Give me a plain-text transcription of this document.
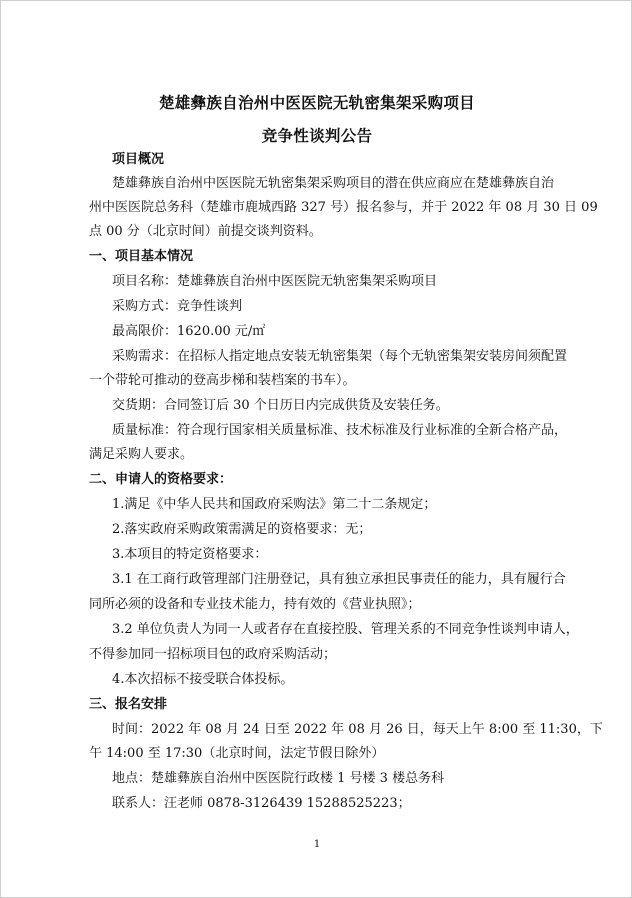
楚雄彝族自治州中医医院无轨密集架采购项目
竞争性谈判公告
项目概况
楚雄彝族自治州中医医院无轨密集架采购项目的潜在供应商应在楚雄彝族自治
州中医医院总务科（楚雄市鹿城西路 327 号）报名参与，并于 2022 年 08 月 30 日 09
点 00 分（北京时间）前提交谈判资料。
一、项目基本情况
项目名称：楚雄彝族自治州中医医院无轨密集架采购项目
采购方式：竞争性谈判
最高限价：1620.00 元/㎡
采购需求：在招标人指定地点安装无轨密集架（每个无轨密集架安装房间须配置
一个带轮可推动的登高步梯和装档案的书车）。
交货期：合同签订后 30 个日历日内完成供货及安装任务。
质量标准：符合现行国家相关质量标准、技术标准及行业标准的全新合格产品，
满足采购人要求。
二、申请人的资格要求：
1.满足《中华人民共和国政府采购法》第二十二条规定；
2.落实政府采购政策需满足的资格要求：无；
3.本项目的特定资格要求：
3.1 在工商行政管理部门注册登记，具有独立承担民事责任的能力，具有履行合
同所必须的设备和专业技术能力，持有效的《营业执照》；
3.2 单位负责人为同一人或者存在直接控股、管理关系的不同竞争性谈判申请人，
不得参加同一招标项目包的政府采购活动；
4.本次招标不接受联合体投标。
三、报名安排
时间：2022 年 08 月 24 日至 2022 年 08 月 26 日，每天上午 8:00 至 11:30，下
午 14:00 至 17:30（北京时间，法定节假日除外）
地点：楚雄彝族自治州中医医院行政楼 1 号楼 3 楼总务科
联系人：汪老师 0878-3126439 15288525223；
1
